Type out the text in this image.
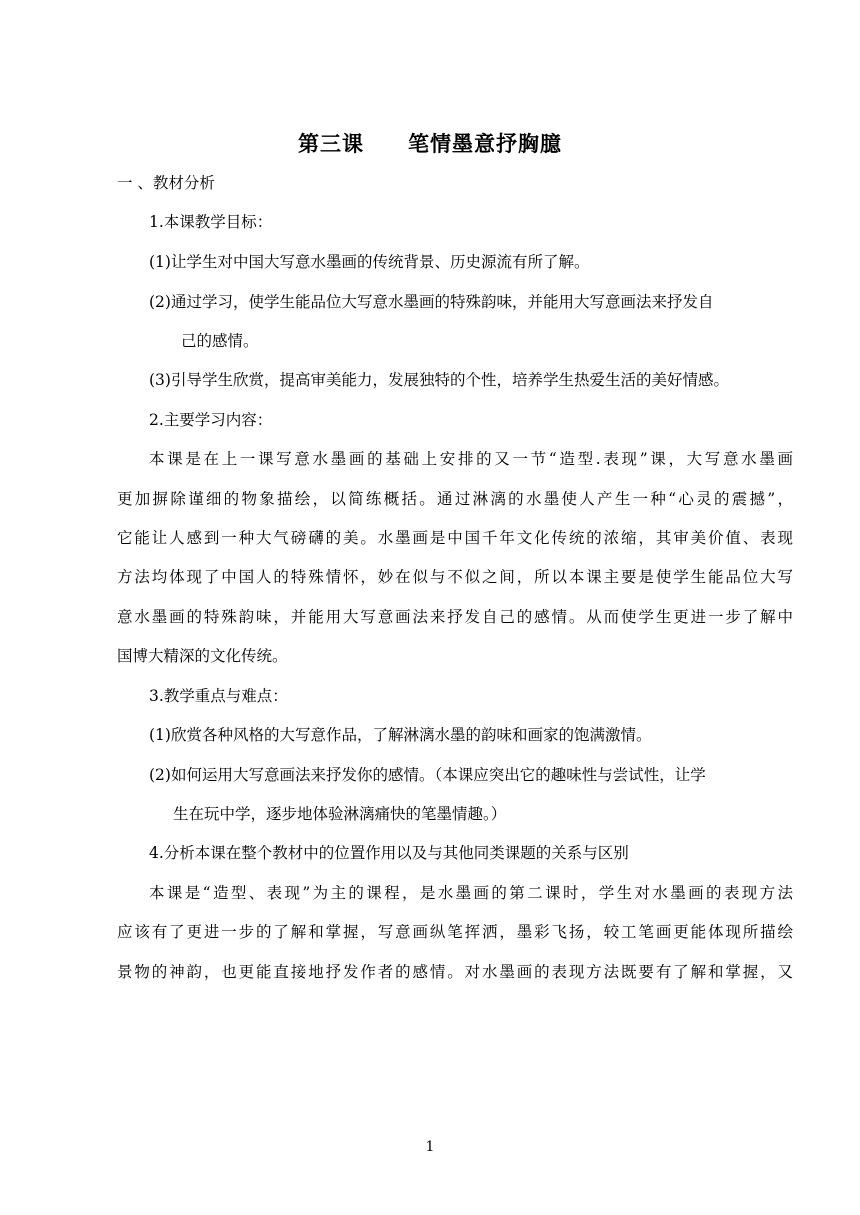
第三课　　笔情墨意抒胸臆
一 、教材分析
1.本课教学目标：
(1)让学生对中国大写意水墨画的传统背景、历史源流有所了解。
(2)通过学习，使学生能品位大写意水墨画的特殊韵味，并能用大写意画法来抒发自
己的感情。
(3)引导学生欣赏，提高审美能力，发展独特的个性，培养学生热爱生活的美好情感。
2.主要学习内容：
本课是在上一课写意水墨画的基础上安排的又一节“造型.表现”课，大写意水墨画
更加摒除谨细的物象描绘，以简练概括。通过淋漓的水墨使人产生一种“心灵的震撼”，
它能让人感到一种大气磅礴的美。水墨画是中国千年文化传统的浓缩，其审美价值、表现
方法均体现了中国人的特殊情怀，妙在似与不似之间，所以本课主要是使学生能品位大写
意水墨画的特殊韵味，并能用大写意画法来抒发自己的感情。从而使学生更进一步了解中
国博大精深的文化传统。
3.教学重点与难点：
(1)欣赏各种风格的大写意作品，了解淋漓水墨的韵味和画家的饱满激情。
(2)如何运用大写意画法来抒发你的感情。（本课应突出它的趣味性与尝试性，让学
生在玩中学，逐步地体验淋漓痛快的笔墨情趣。）
4.分析本课在整个教材中的位置作用以及与其他同类课题的关系与区别
本课是“造型、表现”为主的课程，是水墨画的第二课时，学生对水墨画的表现方法
应该有了更进一步的了解和掌握，写意画纵笔挥洒，墨彩飞扬，较工笔画更能体现所描绘
景物的神韵，也更能直接地抒发作者的感情。对水墨画的表现方法既要有了解和掌握，又
1
